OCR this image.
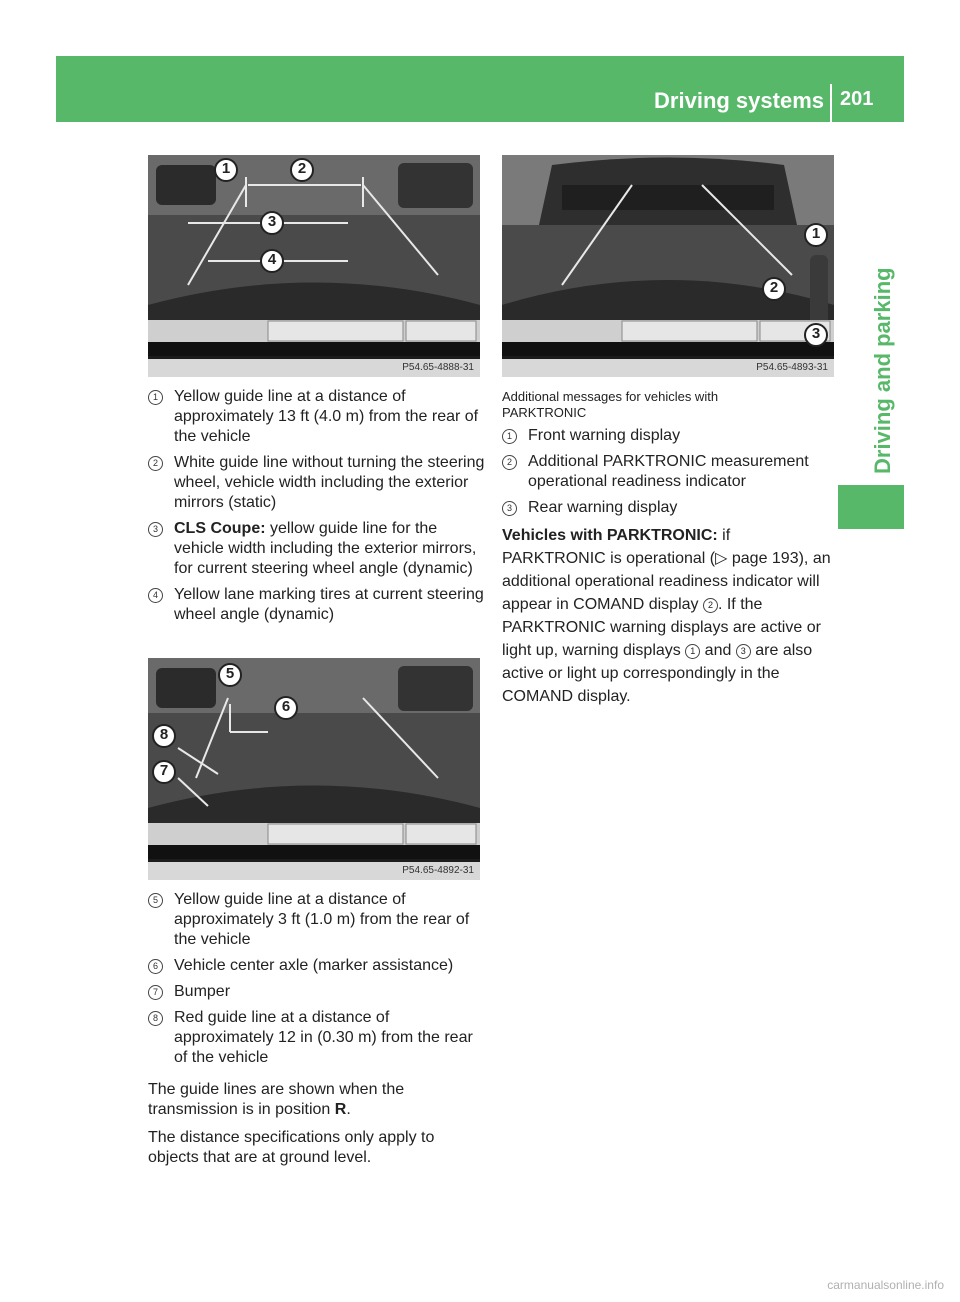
Driving systems 201
Driving and parking
1	2
3
4
P54.65-4888-31
1	Yellow guide line at a distance of approximately 13 ft (4.0 m) from the rear of the vehicle
2	White guide line without turning the steering wheel, vehicle width including the exterior mirrors (static)
3	CLS Coupe: yellow guide line for the vehicle width including the exterior mirrors, for current steering wheel angle (dynamic)
4	Yellow lane marking tires at current steering wheel angle (dynamic)
5
6
8
7
P54.65-4892-31
5	Yellow guide line at a distance of approximately 3 ft (1.0 m) from the rear of the vehicle
6	Vehicle center axle (marker assistance)
7	Bumper
8	Red guide line at a distance of approximately 12 in (0.30 m) from the rear of the vehicle
The guide lines are shown when the transmission is in position R.
The distance specifications only apply to objects that are at ground level.
1
2
3
P54.65-4893-31
Additional messages for vehicles with PARKTRONIC
1	Front warning display
2	Additional PARKTRONIC measurement operational readiness indicator
3	Rear warning display
Vehicles with PARKTRONIC: if PARKTRONIC is operational (▷ page 193), an additional operational readiness indicator will appear in COMAND display 2 . If the PARKTRONIC warning displays are active or light up, warning displays 1 and 3 are also active or light up correspondingly in the COMAND display.
carmanualsonline.info
